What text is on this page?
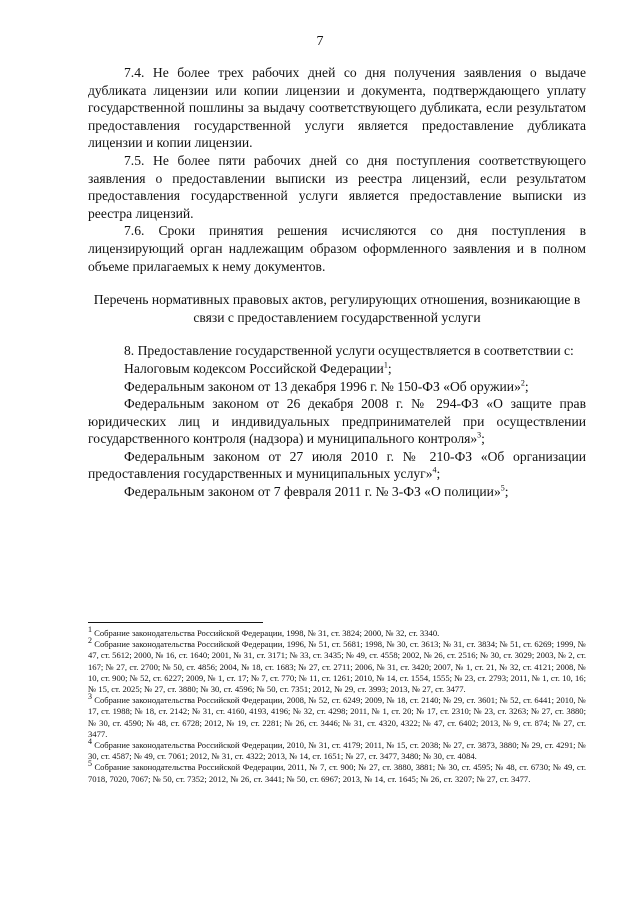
7

7.4. Не более трех рабочих дней со дня получения заявления о выдаче дубликата лицензии или копии лицензии и документа, подтверждающего уплату государственной пошлины за выдачу соответствующего дубликата, если результатом предоставления государственной услуги является предоставление дубликата лицензии и копии лицензии.

7.5. Не более пяти рабочих дней со дня поступления соответствующего заявления о предоставлении выписки из реестра лицензий, если результатом предоставления государственной услуги является предоставление выписки из реестра лицензий.

7.6. Сроки принятия решения исчисляются со дня поступления в лицензирующий орган надлежащим образом оформленного заявления и в полном объеме прилагаемых к нему документов.

Перечень нормативных правовых актов, регулирующих отношения, возникающие в связи с предоставлением государственной услуги

8. Предоставление государственной услуги осуществляется в соответствии с:

Налоговым кодексом Российской Федерации$^1$;

Федеральным законом от 13 декабря 1996 г. № 150-ФЗ «Об оружии»$^2$;

Федеральным законом от 26 декабря 2008 г. № 294-ФЗ «О защите прав юридических лиц и индивидуальных предпринимателей при осуществлении государственного контроля (надзора) и муниципального контроля»$^3$;

Федеральным законом от 27 июля 2010 г. № 210-ФЗ «Об организации предоставления государственных и муниципальных услуг»$^4$;

Федеральным законом от 7 февраля 2011 г. № 3-ФЗ «О полиции»$^5$;

$^1$ Собрание законодательства Российской Федерации, 1998, № 31, ст. 3824; 2000, № 32, ст. 3340.

$^2$ Собрание законодательства Российской Федерации, 1996, № 51, ст. 5681; 1998, № 30, ст. 3613; № 31, ст. 3834; № 51, ст. 6269; 1999, № 47, ст. 5612; 2000, № 16, ст. 1640; 2001, № 31, ст. 3171; № 33, ст. 3435; № 49, ст. 4558; 2002, № 26, ст. 2516; № 30, ст. 3029; 2003, № 2, ст. 167; № 27, ст. 2700; № 50, ст. 4856; 2004, № 18, ст. 1683; № 27, ст. 2711; 2006, № 31, ст. 3420; 2007, № 1, ст. 21, № 32, ст. 4121; 2008, № 10, ст. 900; № 52, ст. 6227; 2009, № 1, ст. 17; № 7, ст. 770; № 11, ст. 1261; 2010, № 14, ст. 1554, 1555; № 23, ст. 2793; 2011, № 1, ст. 10, 16; № 15, ст. 2025; № 27, ст. 3880; № 30, ст. 4596; № 50, ст. 7351; 2012, № 29, ст. 3993; 2013, № 27, ст. 3477.

$^3$ Собрание законодательства Российской Федерации, 2008, № 52, ст. 6249; 2009, № 18, ст. 2140; № 29, ст. 3601; № 52, ст. 6441; 2010, № 17, ст. 1988; № 18, ст. 2142; № 31, ст. 4160, 4193, 4196; № 32, ст. 4298; 2011, № 1, ст. 20; № 17, ст. 2310; № 23, ст. 3263; № 27, ст. 3880; № 30, ст. 4590; № 48, ст. 6728; 2012, № 19, ст. 2281; № 26, ст. 3446; № 31, ст. 4320, 4322; № 47, ст. 6402; 2013, № 9, ст. 874; № 27, ст. 3477.

$^4$ Собрание законодательства Российской Федерации, 2010, № 31, ст. 4179; 2011, № 15, ст. 2038; № 27, ст. 3873, 3880; № 29, ст. 4291; № 30, ст. 4587; № 49, ст. 7061; 2012, № 31, ст. 4322; 2013, № 14, ст. 1651; № 27, ст. 3477, 3480; № 30, ст. 4084.

$^5$ Собрание законодательства Российской Федерации, 2011, № 7, ст. 900; № 27, ст. 3880, 3881; № 30, ст. 4595; № 48, ст. 6730; № 49, ст. 7018, 7020, 7067; № 50, ст. 7352; 2012, № 26, ст. 3441; № 50, ст. 6967; 2013, № 14, ст. 1645; № 26, ст. 3207; № 27, ст. 3477.
